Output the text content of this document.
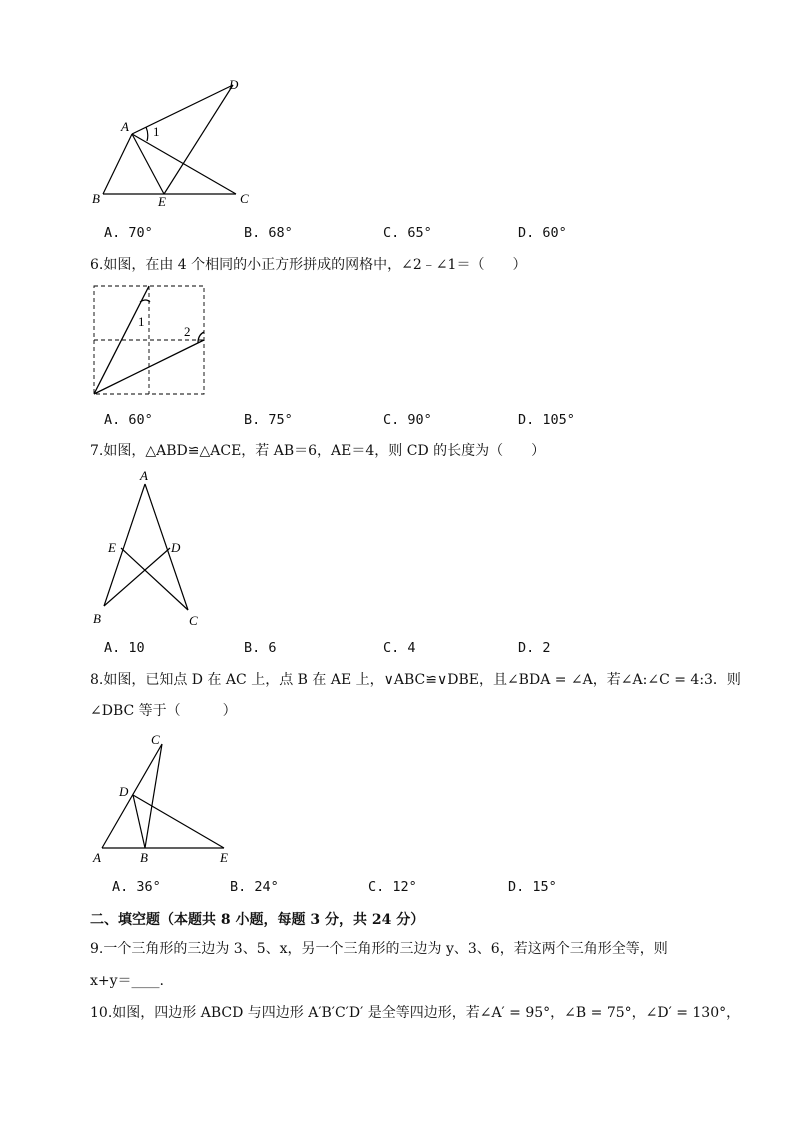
A
D
B	E	C
1
A. 70°	B. 68°	C. 65°	D. 60°
6.如图，在由 4 个相同的小正方形拼成的网格中，∠2﹣∠1＝（　　）
1
2
A. 60°	B. 75°	C. 90°	D. 105°
7.如图，△ABD≌△ACE，若 AB＝6，AE＝4，则 CD 的长度为（　　）
A
E	D
B	C
A. 10	B. 6	C. 4	D. 2
8.如图，已知点 D 在 AC 上，点 B 在 AE 上，∨ABC≌∨DBE，且∠BDA = ∠A，若∠A:∠C = 4:3．则
∠DBC 等于（　　　）
C
D
A	B	E
A. 36°	B. 24°	C. 12°	D. 15°
二、填空题（本题共 8 小题，每题 3 分，共 24 分）
9.一个三角形的三边为 3、5、x，另一个三角形的三边为 y、3、6，若这两个三角形全等，则
x+y＝____.
10.如图，四边形 ABCD 与四边形 A′B′C′D′ 是全等四边形，若∠A′ = 95°，∠B = 75°，∠D′ = 130°，
